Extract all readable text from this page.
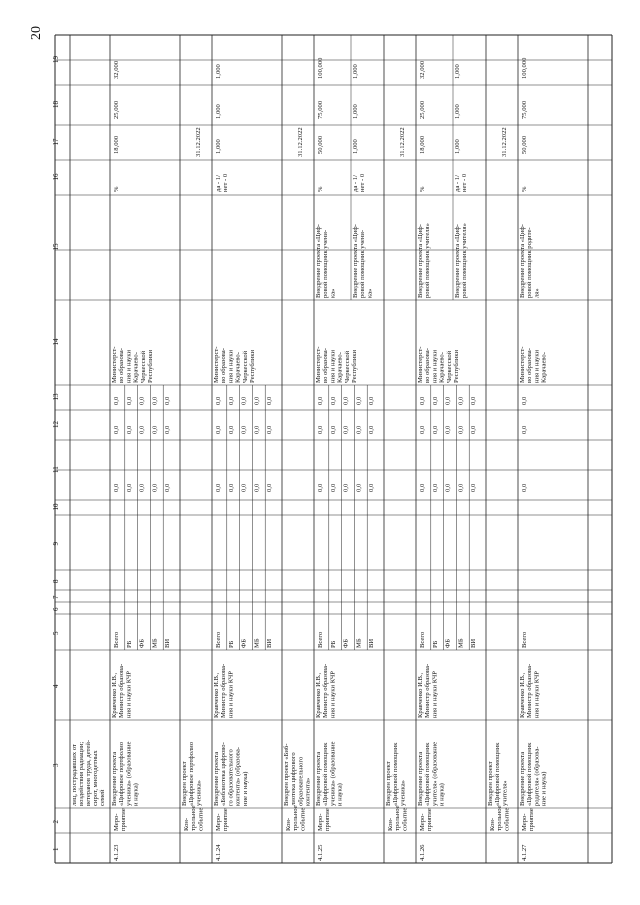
1
2
3
4
5
6
7
8
9
10
11
12
13
14
15
16
17
18
19
20
лиц, пострадавших от воздействия радиации; ветеранов труда, детей- сирот, многодетных семей
4.1.23
Меро- приятие
Внедрение проекта «Цифровое портфолио ученика» (образование и наука)
Кравченко И.В., Министр образова- ния и науки КЧР
Всего
0,0
0,0
0,0
РБ
0,0
0,0
0,0
ФБ
0,0
0,0
0,0
МБ
0,0
0,0
0,0
ВИ
0,0
0,0
0,0
Министерст- во образова- ния и науки Карачаево- Черкесской Республики
%
18,000
25,000
32,000
Кон- трольное событие
Внедрен проект «Цифровое портфолио ученика»
31.12.2022
4.1.24
Меро- приятие
Внедрение проекта «Библиотека цифрово- го образовательного контента» (образова- ние и наука)
Кравченко И.В., Министр образова- ния и науки КЧР
Всего
0,0
0,0
0,0
РБ
0,0
0,0
0,0
ФБ
0,0
0,0
0,0
МБ
0,0
0,0
0,0
ВИ
0,0
0,0
0,0
Министерст- во образова- ния и науки Карачаево- Черкесской Республики
да - 1/ нет - 0
1,000
1,000
1,000
Кон- трольное событие
Внедрен проект «Биб- лиотека цифрового образовательного контента»
31.12.2022
4.1.25
Меро- приятие
Внедрение проекта «Цифровой помощник ученика» (образование и наука)
Кравченко И.В., Министр образова- ния и науки КЧР
Всего
0,0
0,0
0,0
РБ
0,0
0,0
0,0
ФБ
0,0
0,0
0,0
МБ
0,0
0,0
0,0
ВИ
0,0
0,0
0,0
Министерст- во образова- ния и науки Карачаево- Черкесской Республики
Внедрение проекта «Циф- ровой помощник учени- ка»
%
50,000
75,000
100,000
Внедрение проекта «Циф- ровой помощник учени- ка»
да - 1/ нет - 0
1,000
1,000
1,000
Кон- трольное событие
Внедрен проект «Цифровой помощник ученика»
31.12.2022
4.1.26
Меро- приятие
Внедрение проекта «Цифровой помощник учителя» (образование и наука)
Кравченко И.В., Министр образова- ния и науки КЧР
Всего
0,0
0,0
0,0
РБ
0,0
0,0
0,0
ФБ
0,0
0,0
0,0
МБ
0,0
0,0
0,0
ВИ
0,0
0,0
0,0
Министерст- во образова- ния и науки Карачаево- Черкесской Республики
Внедрение проекта «Циф- ровой помощник учителя»
%
18,000
25,000
32,000
Внедрение проекта «Циф- ровой помощник учителя»
да - 1/ нет - 0
1,000
1,000
1,000
Кон- трольное событие
Внедрен проект «Цифровой помощник учителя»
31.12.2022
4.1.27
Меро- приятие
Внедрение проекта «Цифровой помощник родителя» (образова- ние и наука)
Кравченко И.В., Министр образова- ния и науки КЧР
Всего
0,0
0,0
0,0
Министерст- во образова- ния и науки Карачаево-
Внедрение проекта «Циф- ровой помощник родите- ля»
%
50,000
75,000
100,000
